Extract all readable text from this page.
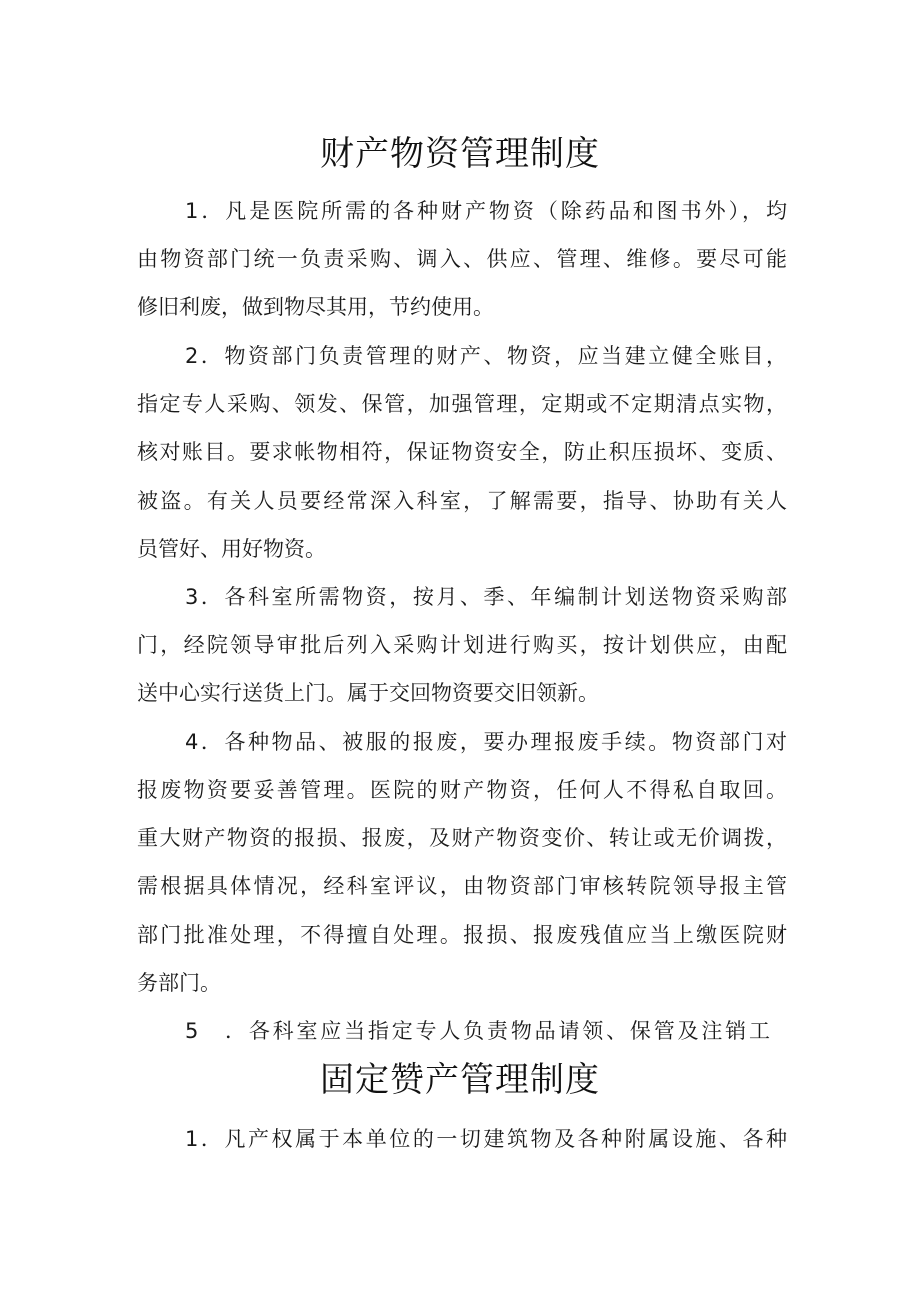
财产物资管理制度
1．凡是医院所需的各种财产物资（除药品和图书外），均
由物资部门统一负责采购、调入、供应、管理、维修。要尽可能
修旧利废，做到物尽其用，节约使用。
2．物资部门负责管理的财产、物资，应当建立健全账目，
指定专人采购、领发、保管，加强管理，定期或不定期清点实物，
核对账目。要求帐物相符，保证物资安全，防止积压损坏、变质、
被盗。有关人员要经常深入科室，了解需要，指导、协助有关人
员管好、用好物资。
3．各科室所需物资，按月、季、年编制计划送物资采购部
门，经院领导审批后列入采购计划进行购买，按计划供应，由配
送中心实行送货上门。属于交回物资要交旧领新。
4．各种物品、被服的报废，要办理报废手续。物资部门对
报废物资要妥善管理。医院的财产物资，任何人不得私自取回。
重大财产物资的报损、报废，及财产物资变价、转让或无价调拨，
需根据具体情况，经科室评议，由物资部门审核转院领导报主管
部门批准处理，不得擅自处理。报损、报废残值应当上缴医院财
务部门。
5　．各科室应当指定专人负责物品请领、保管及注销工
固定赞产管理制度
1．凡产权属于本单位的一切建筑物及各种附属设施、各种
